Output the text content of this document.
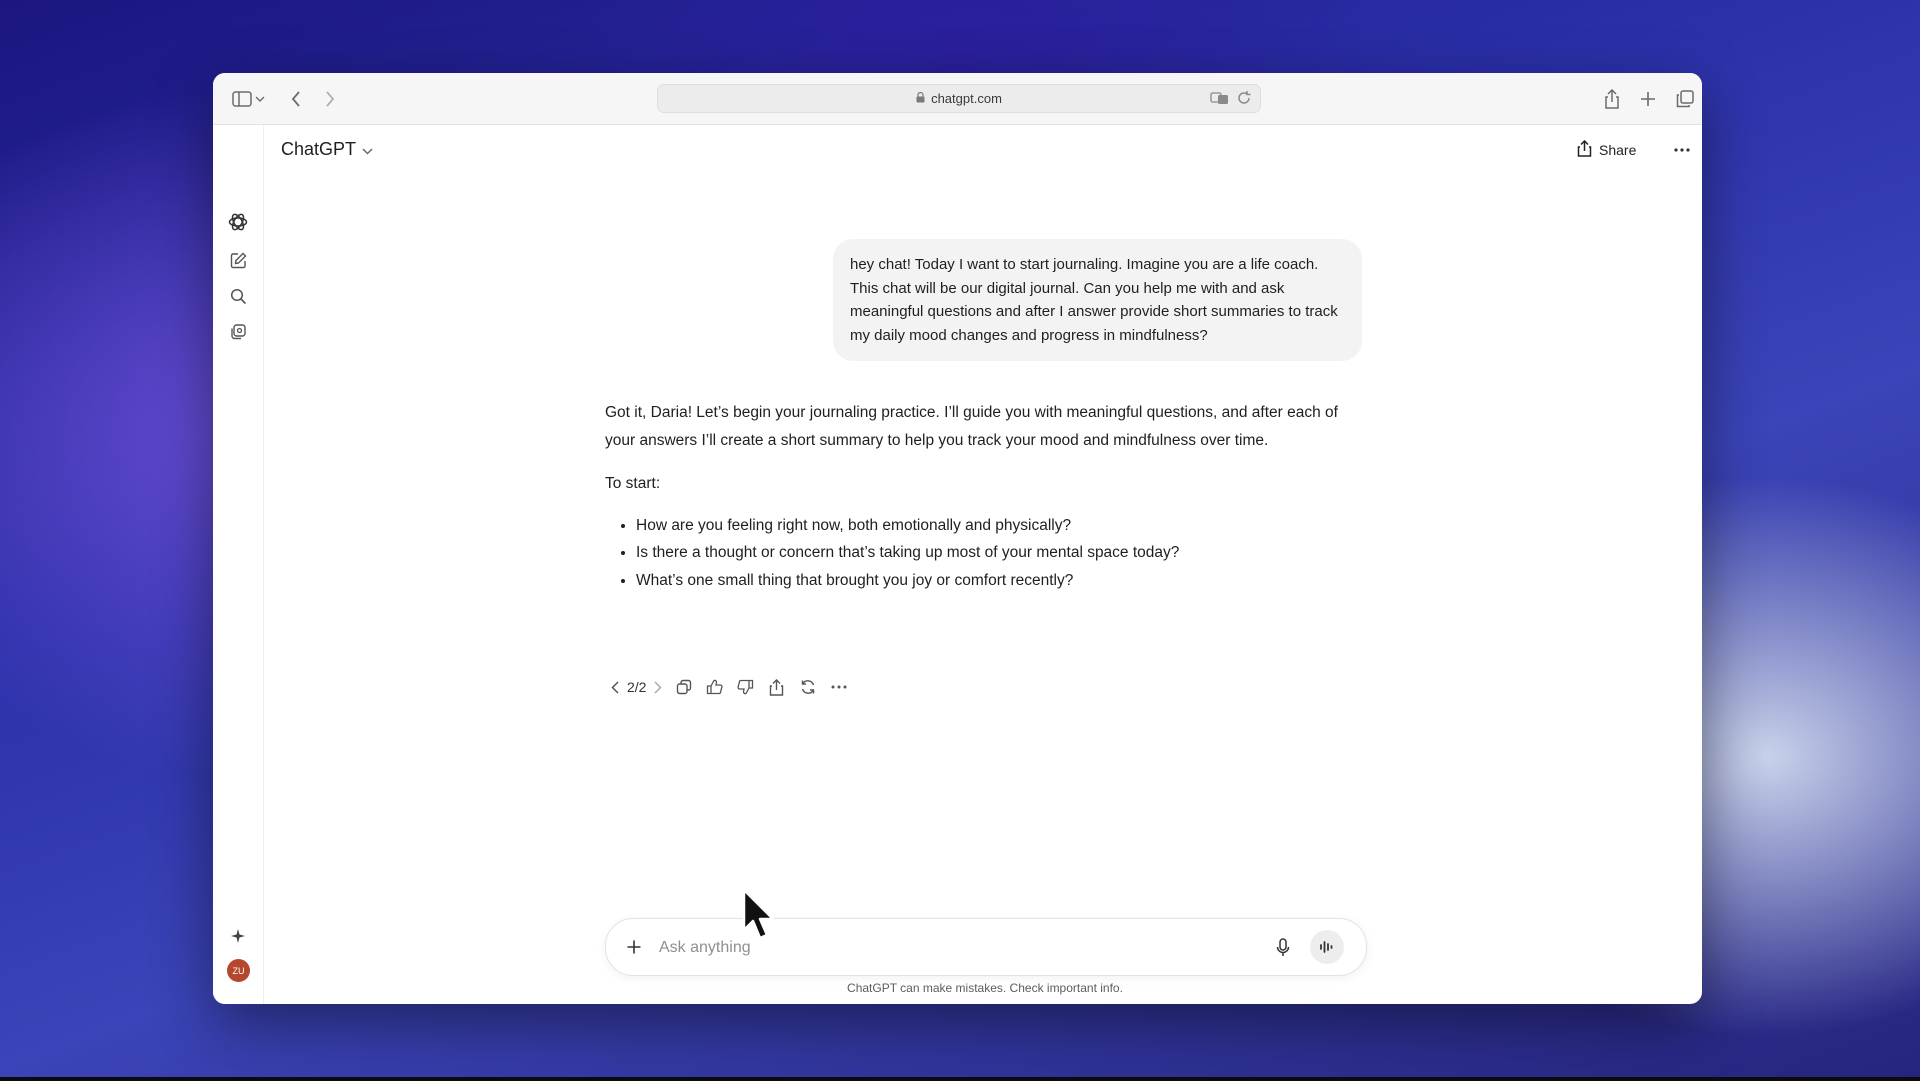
chatgpt.com
ZU
ChatGPT	Share
hey chat! Today I want to start journaling. Imagine you are a life coach. This chat will be our digital journal. Can you help me with and ask meaningful questions and after I answer provide short summaries to track my daily mood changes and progress in mindfulness?

Got it, Daria! Let’s begin your journaling practice. I’ll guide you with meaningful questions, and after each of your answers I’ll create a short summary to help you track your mood and mindfulness over time.

To start:

• How are you feeling right now, both emotionally and physically?
• Is there a thought or concern that’s taking up most of your mental space today?
• What’s one small thing that brought you joy or comfort recently?
2/2
Ask anything
ChatGPT can make mistakes. Check important info.
